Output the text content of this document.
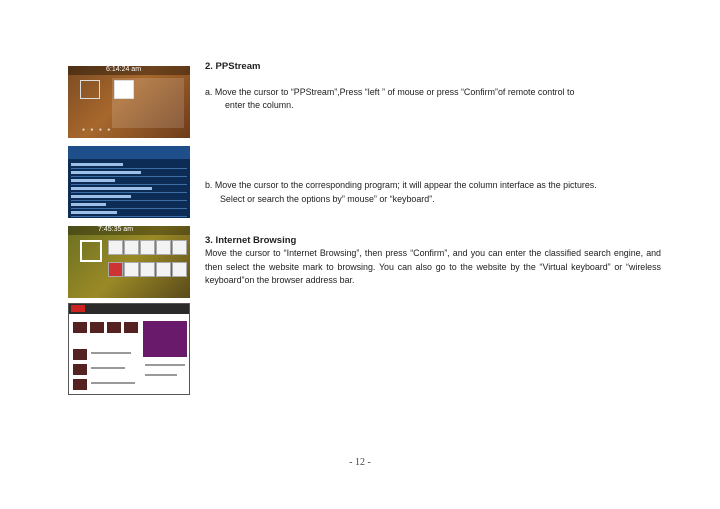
6:14:24 am
● ● ● ●
7:45:35 am
2. PPStream
a. Move the cursor to “PPStream”,Press “left ” of mouse or press “Confirm”of remote control to
enter the column.
b. Move the cursor to the corresponding program; it will appear the column interface as the pictures.
Select or search the options by” mouse” or “keyboard”.
3. Internet Browsing
Move the cursor to “Internet Browsing”, then press “Confirm”, and you can enter the classified search engine, and then select the website mark to browsing. You can also go to the website by the “Virtual keyboard” or “wireless keyboard”on the browser address bar.
- 12 -
